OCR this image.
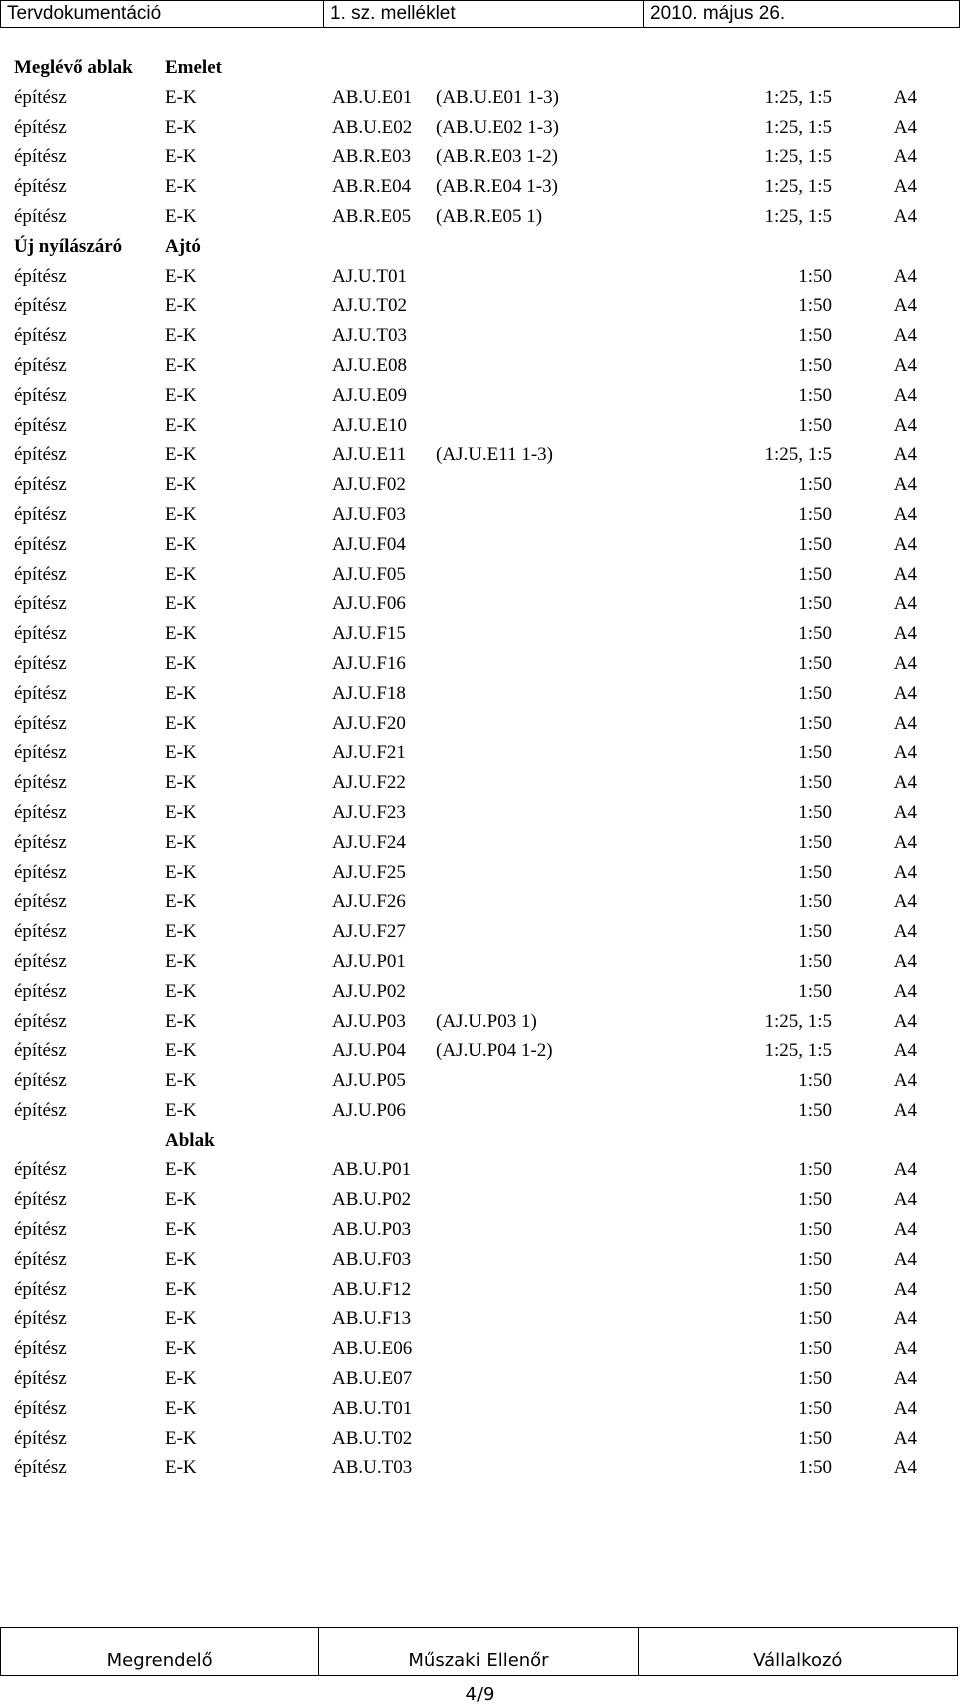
Tervdokumentáció	1. sz. melléklet	2010. május 26.
Meglévő ablak Emelet
építész	E-K	AB.U.E01 (AB.U.E01 1-3)	1:25, 1:5	A4
építész	E-K	AB.U.E02 (AB.U.E02 1-3)	1:25, 1:5	A4
építész	E-K	AB.R.E03 (AB.R.E03 1-2)	1:25, 1:5	A4
építész	E-K	AB.R.E04 (AB.R.E04 1-3)	1:25, 1:5	A4
építész	E-K	AB.R.E05 (AB.R.E05 1)	1:25, 1:5	A4
Új nyílászáró Ajtó
építész	E-K	AJ.U.T01	1:50	A4
építész	E-K	AJ.U.T02	1:50	A4
építész	E-K	AJ.U.T03	1:50	A4
építész	E-K	AJ.U.E08	1:50	A4
építész	E-K	AJ.U.E09	1:50	A4
építész	E-K	AJ.U.E10	1:50	A4
építész	E-K	AJ.U.E11 (AJ.U.E11 1-3)	1:25, 1:5	A4
építész	E-K	AJ.U.F02	1:50	A4
építész	E-K	AJ.U.F03	1:50	A4
építész	E-K	AJ.U.F04	1:50	A4
építész	E-K	AJ.U.F05	1:50	A4
építész	E-K	AJ.U.F06	1:50	A4
építész	E-K	AJ.U.F15	1:50	A4
építész	E-K	AJ.U.F16	1:50	A4
építész	E-K	AJ.U.F18	1:50	A4
építész	E-K	AJ.U.F20	1:50	A4
építész	E-K	AJ.U.F21	1:50	A4
építész	E-K	AJ.U.F22	1:50	A4
építész	E-K	AJ.U.F23	1:50	A4
építész	E-K	AJ.U.F24	1:50	A4
építész	E-K	AJ.U.F25	1:50	A4
építész	E-K	AJ.U.F26	1:50	A4
építész	E-K	AJ.U.F27	1:50	A4
építész	E-K	AJ.U.P01	1:50	A4
építész	E-K	AJ.U.P02	1:50	A4
építész	E-K	AJ.U.P03 (AJ.U.P03 1)	1:25, 1:5	A4
építész	E-K	AJ.U.P04 (AJ.U.P04 1-2)	1:25, 1:5	A4
építész	E-K	AJ.U.P05	1:50	A4
építész	E-K	AJ.U.P06	1:50	A4
Ablak
építész	E-K	AB.U.P01	1:50	A4
építész	E-K	AB.U.P02	1:50	A4
építész	E-K	AB.U.P03	1:50	A4
építész	E-K	AB.U.F03	1:50	A4
építész	E-K	AB.U.F12	1:50	A4
építész	E-K	AB.U.F13	1:50	A4
építész	E-K	AB.U.E06	1:50	A4
építész	E-K	AB.U.E07	1:50	A4
építész	E-K	AB.U.T01	1:50	A4
építész	E-K	AB.U.T02	1:50	A4
építész	E-K	AB.U.T03	1:50	A4
Megrendelő	Műszaki Ellenőr	Vállalkozó
4/9
